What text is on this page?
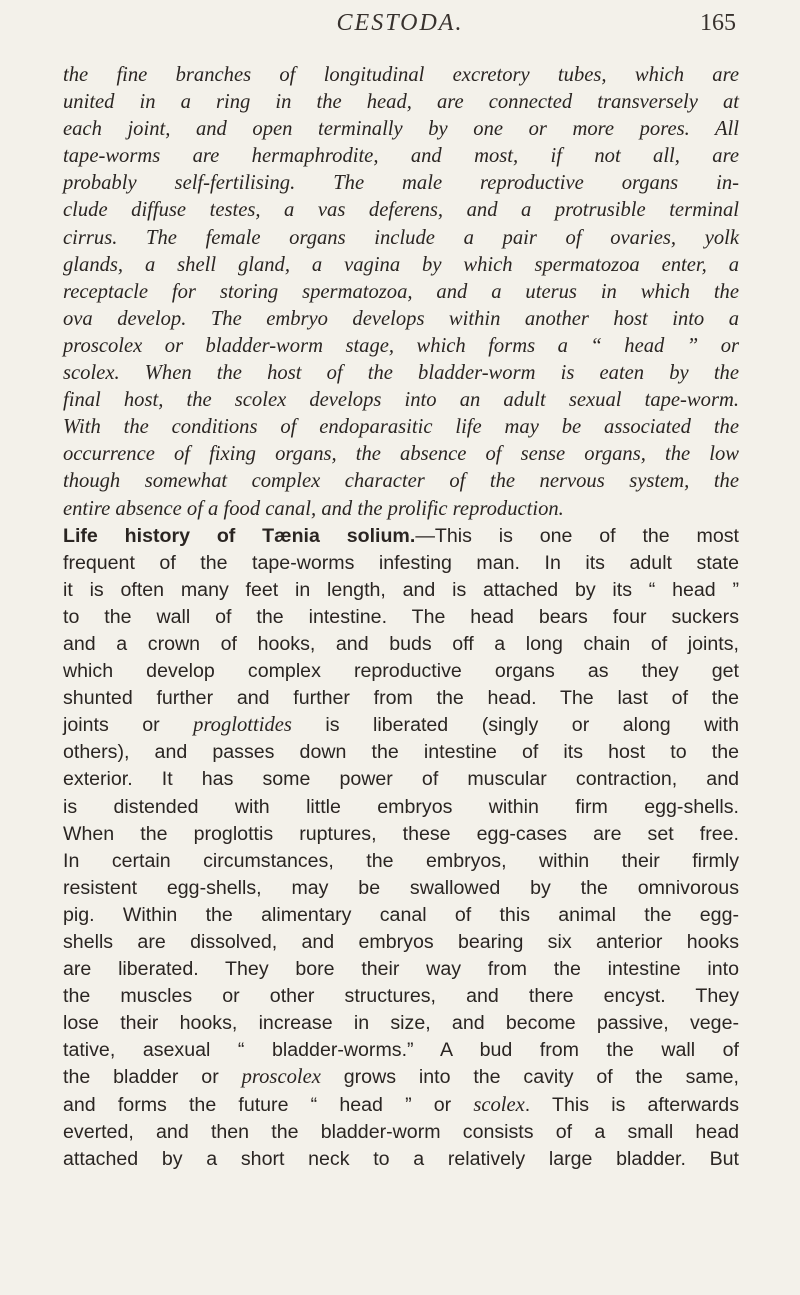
CESTODA.	165
the fine branches of longitudinal excretory tubes, which are
united in a ring in the head, are connected transversely at
each joint, and open terminally by one or more pores. All
tape-worms are hermaphrodite, and most, if not all, are
probably self-fertilising. The male reproductive organs in-
clude diffuse testes, a vas deferens, and a protrusible terminal
cirrus. The female organs include a pair of ovaries, yolk
glands, a shell gland, a vagina by which spermatozoa enter, a
receptacle for storing spermatozoa, and a uterus in which the
ova develop. The embryo develops within another host into a
proscolex or bladder-worm stage, which forms a “ head ” or
scolex. When the host of the bladder-worm is eaten by the
final host, the scolex develops into an adult sexual tape-worm.
With the conditions of endoparasitic life may be associated the
occurrence of fixing organs, the absence of sense organs, the low
though somewhat complex character of the nervous system, the
entire absence of a food canal, and the prolific reproduction.
Life history of Tænia solium.—This is one of the most
frequent of the tape-worms infesting man. In its adult state
it is often many feet in length, and is attached by its “ head ”
to the wall of the intestine. The head bears four suckers
and a crown of hooks, and buds off a long chain of joints,
which develop complex reproductive organs as they get
shunted further and further from the head. The last of the
joints or proglottides is liberated (singly or along with
others), and passes down the intestine of its host to the
exterior. It has some power of muscular contraction, and
is distended with little embryos within firm egg-shells.
When the proglottis ruptures, these egg-cases are set free.
In certain circumstances, the embryos, within their firmly
resistent egg-shells, may be swallowed by the omnivorous
pig. Within the alimentary canal of this animal the egg-
shells are dissolved, and embryos bearing six anterior hooks
are liberated. They bore their way from the intestine into
the muscles or other structures, and there encyst. They
lose their hooks, increase in size, and become passive, vege-
tative, asexual “ bladder-worms.” A bud from the wall of
the bladder or proscolex grows into the cavity of the same,
and forms the future “ head ” or scolex. This is afterwards
everted, and then the bladder-worm consists of a small head
attached by a short neck to a relatively large bladder. But
